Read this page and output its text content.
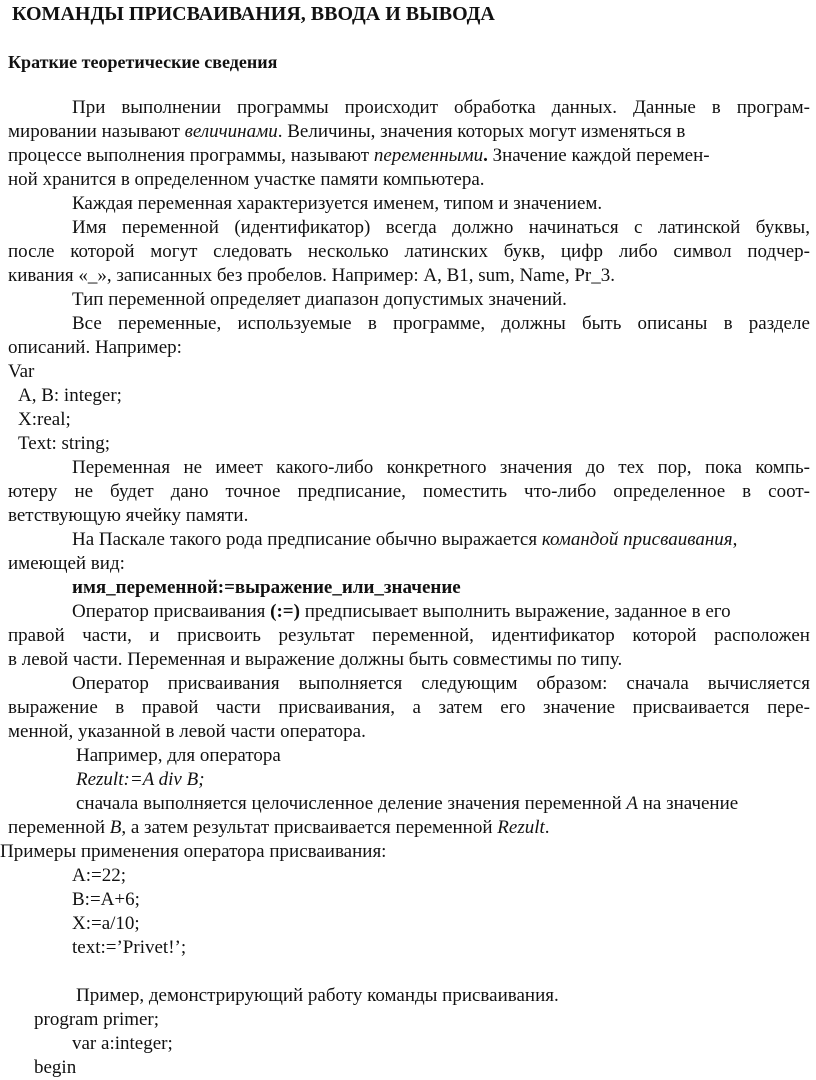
КОМАНДЫ ПРИСВАИВАНИЯ, ВВОДА И ВЫВОДА
Краткие теоретические сведения
При выполнении программы происходит обработка данных. Данные в програм-
мировании называют величинами. Величины, значения которых могут изменяться в
процессе выполнения программы, называют переменными. Значение каждой перемен-
ной хранится в определенном участке памяти компьютера.
Каждая переменная характеризуется именем, типом и значением.
Имя переменной (идентификатор) всегда должно начинаться с латинской буквы,
после которой могут следовать несколько латинских букв, цифр либо символ подчер-
кивания «_», записанных без пробелов. Например: A, B1, sum, Name, Pr_3.
Тип переменной определяет диапазон допустимых значений.
Все переменные, используемые в программе, должны быть описаны в разделе
описаний. Например:
Var
A, B: integer;
X:real;
Text: string;
Переменная не имеет какого-либо конкретного значения до тех пор, пока компь-
ютеру не будет дано точное предписание, поместить что-либо определенное в соот-
ветствующую ячейку памяти.
На Паскале такого рода предписание обычно выражается командой присваивания,
имеющей вид:
имя_переменной:=выражение_или_значение
Оператор присваивания (:=) предписывает выполнить выражение, заданное в его
правой части, и присвоить результат переменной, идентификатор которой расположен
в левой части. Переменная и выражение должны быть совместимы по типу.
Оператор присваивания выполняется следующим образом: сначала вычисляется
выражение в правой части присваивания, а затем его значение присваивается пере-
менной, указанной в левой части оператора.
Например, для оператора
Rezult:=A div B;
сначала выполняется целочисленное деление значения переменной A на значение
переменной B, а затем результат присваивается переменной Rezult.
Примеры применения оператора присваивания:
A:=22;
B:=A+6;
X:=a/10;
text:=’Privet!’;
Пример, демонстрирующий работу команды присваивания.
program primer;
var a:integer;
begin
